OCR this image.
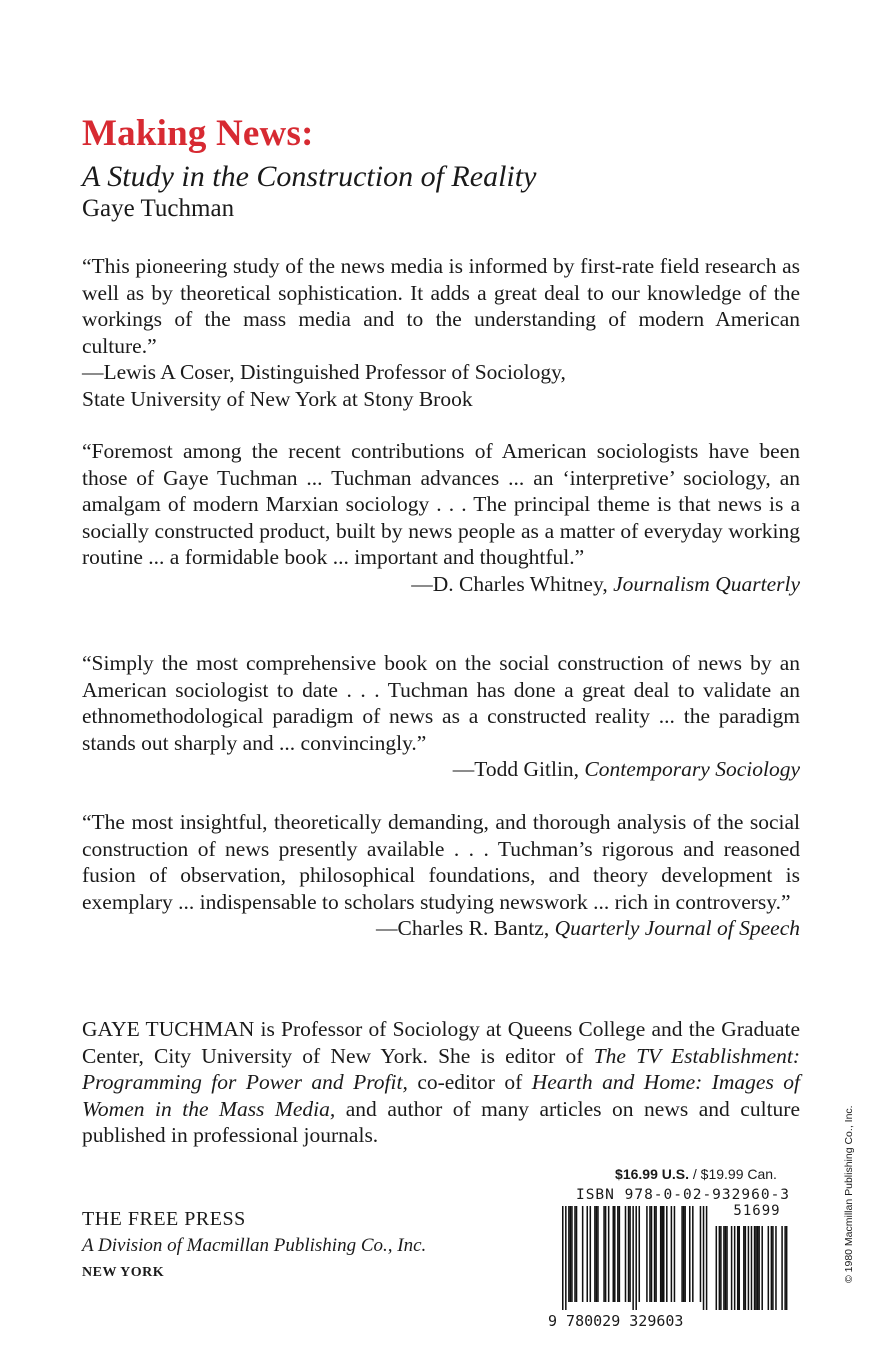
Making News:
A Study in the Construction of Reality
Gaye Tuchman

“This pioneering study of the news media is informed by first-rate field research as well as by theoretical sophistication. It adds a great deal to our knowledge of the workings of the mass media and to the understanding of modern American culture.”

—Lewis A Coser, Distinguished Professor of Sociology,
State University of New York at Stony Brook

“Foremost among the recent contributions of American sociologists have been those of Gaye Tuchman ... Tuchman advances ... an ‘interpretive’ sociology, an amalgam of modern Marxian sociology . . . The principal theme is that news is a socially constructed product, built by news people as a matter of everyday working routine ... a formidable book ... important and thoughtful.”

—D. Charles Whitney, Journalism Quarterly

“Simply the most comprehensive book on the social construction of news by an American sociologist to date . . . Tuchman has done a great deal to validate an ethnomethodological paradigm of news as a constructed reality ... the paradigm stands out sharply and ... convincingly.”

—Todd Gitlin, Contemporary Sociology

“The most insightful, theoretically demanding, and thorough analysis of the social construction of news presently available . . . Tuchman’s rigorous and reasoned fusion of observation, philosophical foundations, and theory development is exemplary ... indispensable to scholars studying newswork ... rich in controversy.”

—Charles R. Bantz, Quarterly Journal of Speech

GAYE TUCHMAN is Professor of Sociology at Queens College and the Graduate Center, City University of New York. She is editor of The TV Establishment: Programming for Power and Profit, co-editor of Hearth and Home: Images of Women in the Mass Media, and author of many articles on news and culture published in professional journals.

THE FREE PRESS
A Division of Macmillan Publishing Co., Inc.
NEW YORK
$16.99 U.S. / $19.99 Can.
ISBN 978-0-02-932960-3
9 780029 329603
51699	© 1980 Macmillan Publishing Co., Inc.
